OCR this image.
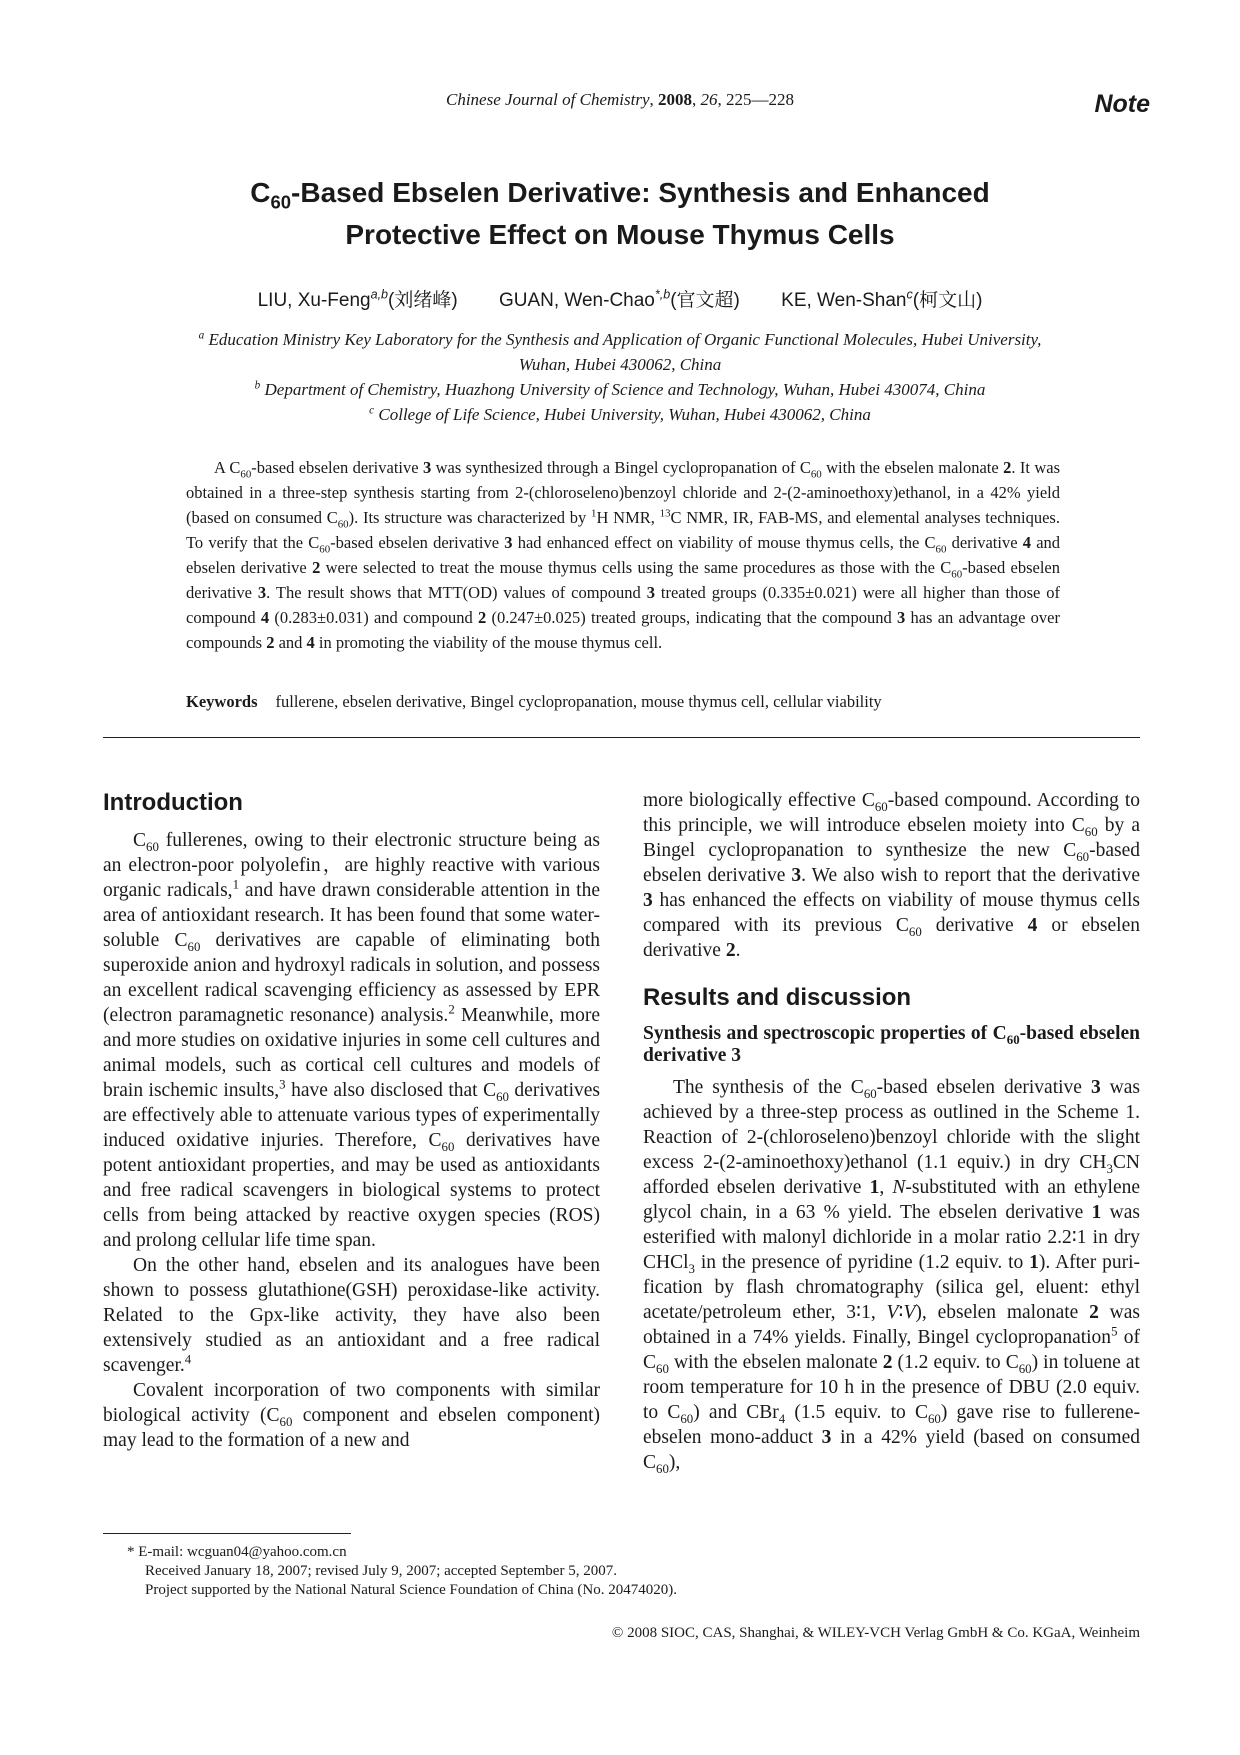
Chinese Journal of Chemistry, 2008, 26, 225—228	Note
$C_{60}$-Based Ebselen Derivative: Synthesis and Enhanced
Protective Effect on Mouse Thymus Cells
LIU, Xu-Feng$^{a,b}$(刘绪峰) GUAN, Wen-Chao$^{*,b}$(官文超) KE, Wen-Shan$^c$(柯文山)
$^a$ Education Ministry Key Laboratory for the Synthesis and Application of Organic Functional Molecules, Hubei University, Wuhan, Hubei 430062, China
$^b$ Department of Chemistry, Huazhong University of Science and Technology, Wuhan, Hubei 430074, China
$^c$ College of Life Science, Hubei University, Wuhan, Hubei 430062, China
A $C_{60}$-based ebselen derivative 3 was synthesized through a Bingel cyclopropanation of $C_{60}$ with the ebselen malonate 2. It was obtained in a three-step synthesis starting from 2-(chloroseleno)benzoyl chloride and 2-(2-aminoethoxy)ethanol, in a 42% yield (based on consumed $C_{60}$). Its structure was characterized by $^1$H NMR, $^{13}$C NMR, IR, FAB-MS, and elemental analyses techniques. To verify that the $C_{60}$-based ebselen derivative 3 had enhanced effect on viability of mouse thymus cells, the $C_{60}$ derivative 4 and ebselen derivative 2 were selected to treat the mouse thymus cells using the same procedures as those with the $C_{60}$-based ebselen derivative 3. The result shows that MTT(OD) values of compound 3 treated groups (0.335±0.021) were all higher than those of compound 4 (0.283±0.031) and compound 2 (0.247±0.025) treated groups, indicating that the compound 3 has an advantage over compounds 2 and 4 in promoting the viability of the mouse thymus cell.
Keywords fullerene, ebselen derivative, Bingel cyclopropanation, mouse thymus cell, cellular viability
Introduction

$C_{60}$ fullerenes, owing to their electronic structure being as an electron-poor polyolefin，are highly reactive with various organic radicals,$^1$ and have drawn considerable attention in the area of antioxidant research. It has been found that some water-soluble $C_{60}$ derivatives are capable of eliminating both superoxide anion and hydroxyl radicals in solution, and possess an excellent radical scavenging efficiency as assessed by EPR (electron paramagnetic resonance) analysis.$^2$ Meanwhile, more and more studies on oxidative injuries in some cell cultures and animal models, such as cortical cell cultures and models of brain ischemic insults,$^3$ have also disclosed that $C_{60}$ derivatives are effectively able to attenuate various types of experimentally induced oxidative injuries. Therefore, $C_{60}$ derivatives have potent antioxidant properties, and may be used as antioxidants and free radical scavengers in biological systems to protect cells from being attacked by reactive oxygen species (ROS) and prolong cellular life time span.

On the other hand, ebselen and its analogues have been shown to possess glutathione(GSH) peroxidase-like activity. Related to the Gpx-like activity, they have also been extensively studied as an antioxidant and a free radical scavenger.$^4$

Covalent incorporation of two components with similar biological activity ($C_{60}$ component and ebselen component) may lead to the formation of a new and

more biologically effective $C_{60}$-based compound. According to this principle, we will introduce ebselen moiety into $C_{60}$ by a Bingel cyclopropanation to synthesize the new $C_{60}$-based ebselen derivative 3. We also wish to report that the derivative 3 has enhanced the effects on viability of mouse thymus cells compared with its previous $C_{60}$ derivative 4 or ebselen derivative 2.

Results and discussion
Synthesis and spectroscopic properties of $C_{60}$-based ebselen derivative 3

The synthesis of the $C_{60}$-based ebselen derivative 3 was achieved by a three-step process as outlined in the Scheme 1. Reaction of 2-(chloroseleno)benzoyl chloride with the slight excess 2-(2-aminoethoxy)ethanol (1.1 equiv.) in dry $CH_3CN$ afforded ebselen derivative 1, N-substituted with an ethylene glycol chain, in a 63 % yield. The ebselen derivative 1 was esterified with malonyl dichloride in a molar ratio 2.2∶1 in dry CHCl$_3$ in the presence of pyridine (1.2 equiv. to 1). After purification by flash chromatography (silica gel, eluent: ethyl acetate/petroleum ether, 3∶1, V∶V), ebselen malonate 2 was obtained in a 74% yields. Finally, Bingel cyclopropanation$^5$ of $C_{60}$ with the ebselen malonate 2 (1.2 equiv. to $C_{60}$) in toluene at room temperature for 10 h in the presence of DBU (2.0 equiv. to $C_{60}$) and CBr$_4$ (1.5 equiv. to $C_{60}$) gave rise to fullerene-ebselen mono-adduct 3 in a 42% yield (based on consumed $C_{60}$),

* E-mail: wcguan04@yahoo.com.cn
Received January 18, 2007; revised July 9, 2007; accepted September 5, 2007.
Project supported by the National Natural Science Foundation of China (No. 20474020).
© 2008 SIOC, CAS, Shanghai, & WILEY-VCH Verlag GmbH & Co. KGaA, Weinheim
